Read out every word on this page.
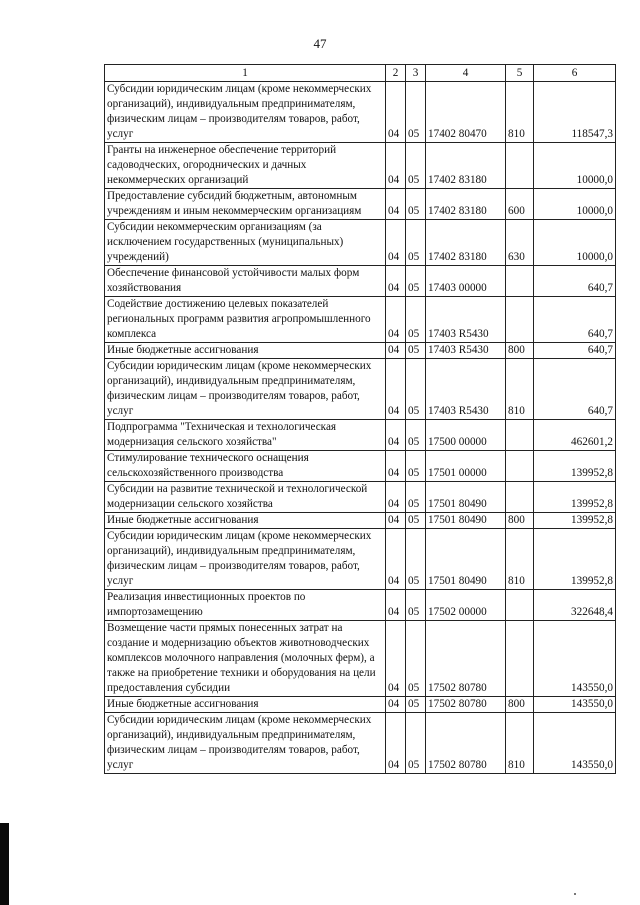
47
1	2	3	4	5	6
Субсидии юридическим лицам (кроме некоммерческих организаций), индивидуальным предпринимателям, физическим лицам – производителям товаров, работ, услуг	04	05	17402 80470	810	118547,3
Гранты на инженерное обеспечение территорий садоводческих, огороднических и дачных некоммерческих организаций	04	05	17402 83180		10000,0
Предоставление субсидий бюджетным, автономным учреждениям и иным некоммерческим организациям	04	05	17402 83180	600	10000,0
Субсидии некоммерческим организациям (за исключением государственных (муниципальных) учреждений)	04	05	17402 83180	630	10000,0
Обеспечение финансовой устойчивости малых форм хозяйствования	04	05	17403 00000		640,7
Содействие достижению целевых показателей региональных программ развития агропромышленного комплекса	04	05	17403 R5430		640,7
Иные бюджетные ассигнования	04	05	17403 R5430	800	640,7
Субсидии юридическим лицам (кроме некоммерческих организаций), индивидуальным предпринимателям, физическим лицам – производителям товаров, работ, услуг	04	05	17403 R5430	810	640,7
Подпрограмма "Техническая и технологическая модернизация сельского хозяйства"	04	05	17500 00000		462601,2
Стимулирование технического оснащения сельскохозяйственного производства	04	05	17501 00000		139952,8
Субсидии на развитие технической и технологической модернизации сельского хозяйства	04	05	17501 80490		139952,8
Иные бюджетные ассигнования	04	05	17501 80490	800	139952,8
Субсидии юридическим лицам (кроме некоммерческих организаций), индивидуальным предпринимателям, физическим лицам – производителям товаров, работ, услуг	04	05	17501 80490	810	139952,8
Реализация инвестиционных проектов по импортозамещению	04	05	17502 00000		322648,4
Возмещение части прямых понесенных затрат на создание и модернизацию объектов животноводческих комплексов молочного направления (молочных ферм), а также на приобретение техники и оборудования на цели предоставления субсидии	04	05	17502 80780		143550,0
Иные бюджетные ассигнования	04	05	17502 80780	800	143550,0
Субсидии юридическим лицам (кроме некоммерческих организаций), индивидуальным предпринимателям, физическим лицам – производителям товаров, работ, услуг	04	05	17502 80780	810	143550,0
